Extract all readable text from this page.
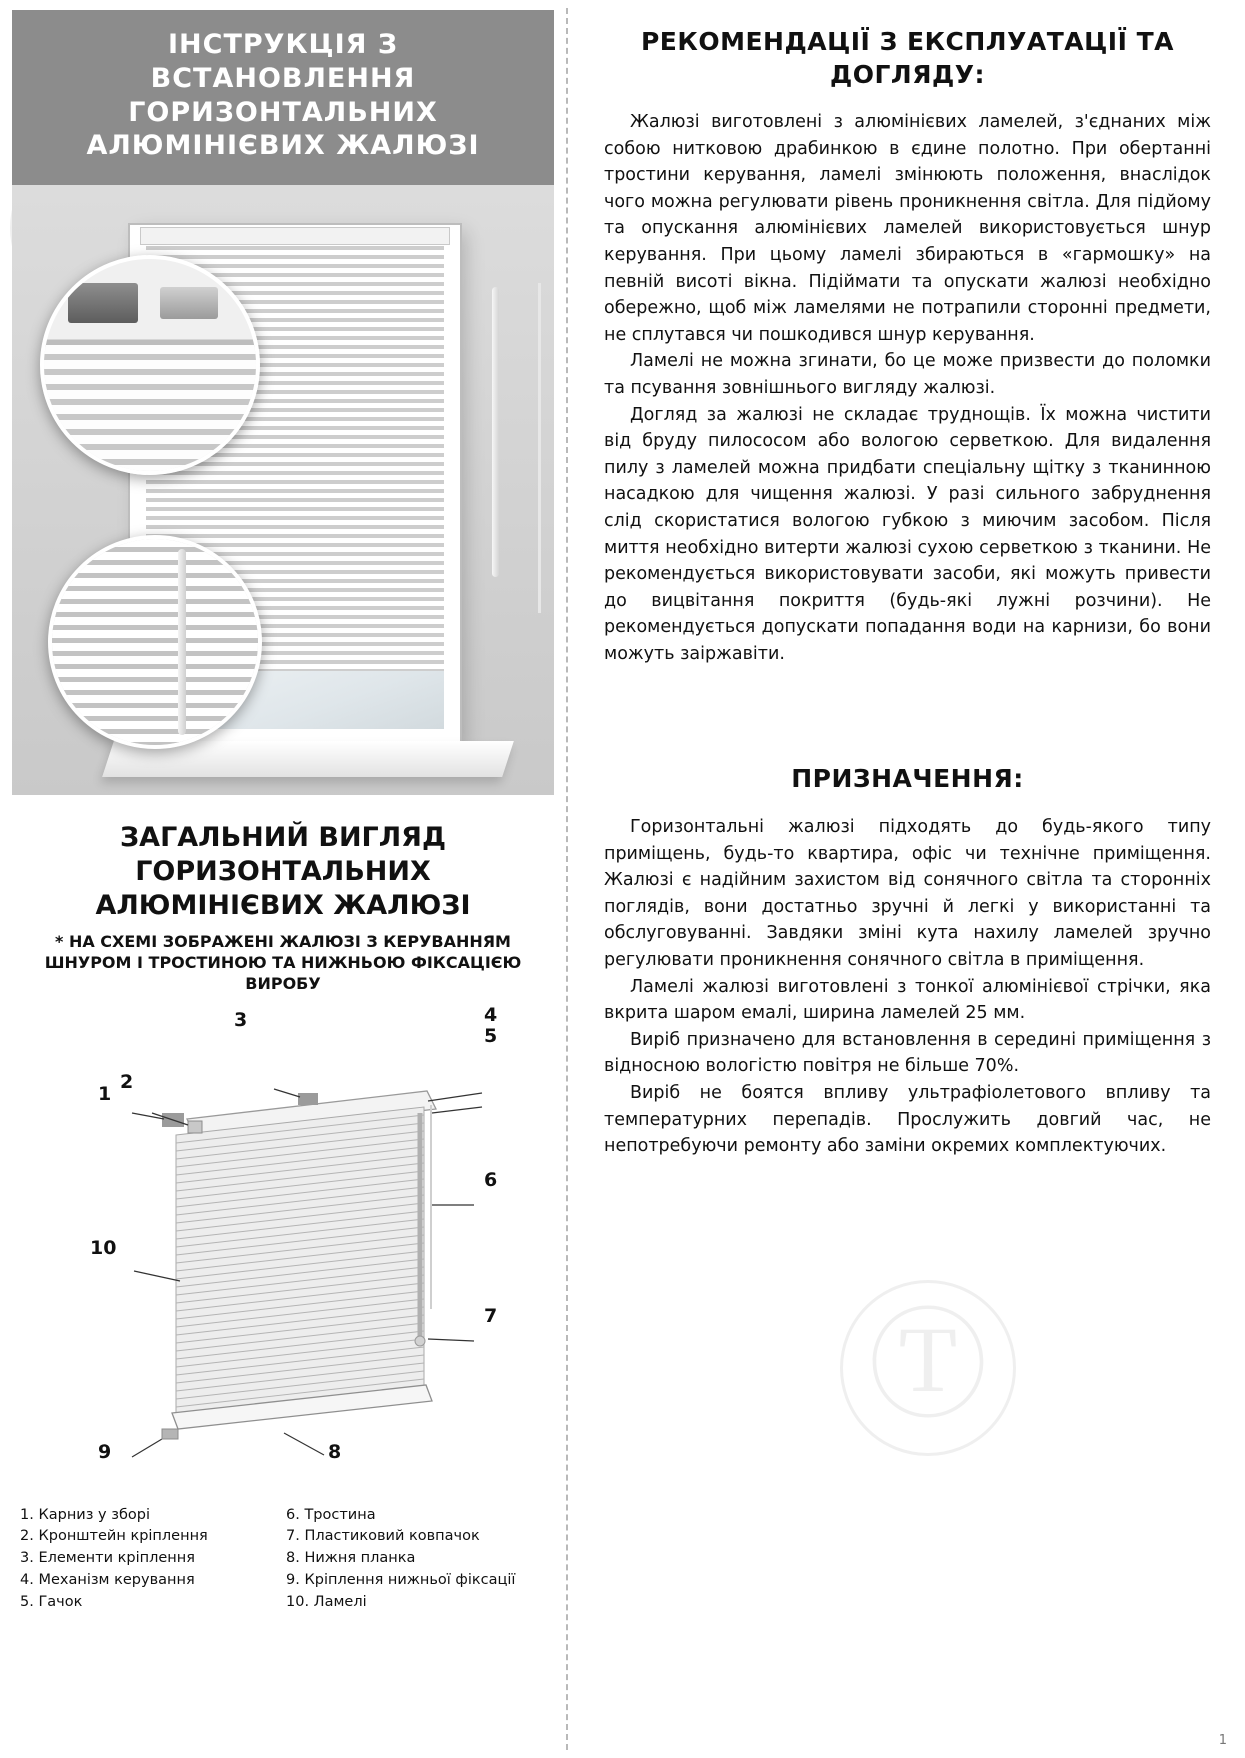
Ⓣ
ІНСТРУКЦІЯ З ВСТАНОВЛЕННЯ ГОРИЗОНТАЛЬНИХ АЛЮМІНІЄВИХ ЖАЛЮЗІ
ЗАГАЛЬНИЙ ВИГЛЯД ГОРИЗОНТАЛЬНИХ АЛЮМІНІЄВИХ ЖАЛЮЗІ
* НА СХЕМІ ЗОБРАЖЕНІ ЖАЛЮЗІ З КЕРУВАННЯМ ШНУРОМ І ТРОСТИНОЮ ТА НИЖНЬОЮ ФІКСАЦІЄЮ ВИРОБУ
3	4
5
1
2
6
7
10
8
9
1. Карниз у зборі
2. Кронштейн кріплення
3. Елементи кріплення
4. Механізм керування
5. Гачок
6. Тростина
7. Пластиковий ковпачок
8. Нижня планка
9. Кріплення нижньої фіксації
10. Ламелі
РЕКОМЕНДАЦІЇ З ЕКСПЛУАТАЦІЇ ТА ДОГЛЯДУ:

Жалюзі виготовлені з алюмінієвих ламелей, з'єднаних між собою нитковою драбинкою в єдине полотно. При обертанні тростини керування, ламелі змінюють положення, внаслідок чого можна регулювати рівень проникнення світла. Для підйому та опускання алюмінієвих ламелей використовується шнур керування. При цьому ламелі збираються в «гармошку» на певній висоті вікна. Підіймати та опускати жалюзі необхідно обережно, щоб між ламелями не потрапили сторонні предмети, не сплутався чи пошкодився шнур керування.

Ламелі не можна згинати, бо це може призвести до поломки та псування зовнішнього вигляду жалюзі.

Догляд за жалюзі не складає труднощів. Їх можна чистити від бруду пилососом або вологою серветкою. Для видалення пилу з ламелей можна придбати спеціальну щітку з тканинною насадкою для чищення жалюзі. У разі сильного забруднення слід скористатися вологою губкою з миючим засобом. Після миття необхідно витерти жалюзі сухою серветкою з тканини. Не рекомендується використовувати засоби, які можуть привести до вицвітання покриття (будь-які лужні розчини). Не рекомендується допускати попадання води на карнизи, бо вони можуть заіржавіти.

ПРИЗНАЧЕННЯ:

Горизонтальні жалюзі підходять до будь-якого типу приміщень, будь-то квартира, офіс чи технічне приміщення. Жалюзі є надійним захистом від сонячного світла та сторонніх поглядів, вони достатньо зручні й легкі у використанні та обслуговуванні. Завдяки зміні кута нахилу ламелей зручно регулювати проникнення сонячного світла в приміщення.

Ламелі жалюзі виготовлені з тонкої алюмінієвої стрічки, яка вкрита шаром емалі, ширина ламелей 25 мм.

Виріб призначено для встановлення в середині приміщення з відносною вологістю повітря не більше 70%.

Виріб не боятся впливу ультрафіолетового впливу та температурних перепадів. Прослужить довгий час, не непотребуючи ремонту або заміни окремих комплектуючих.

1
